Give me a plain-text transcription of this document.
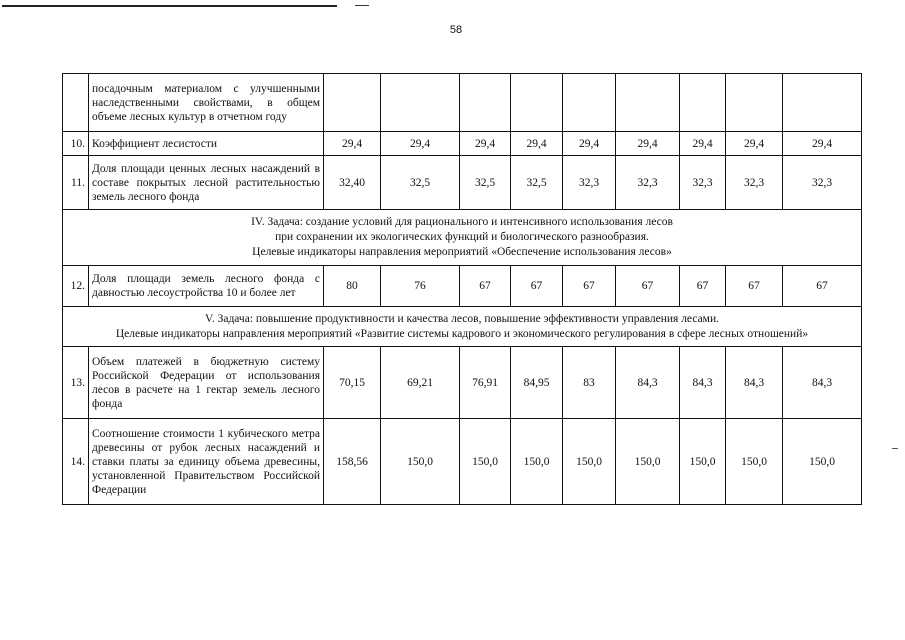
58
	посадочным материалом с улучшенными наследственными свойствами, в общем объеме лесных культур в отчетном году									
10.	Коэффициент лесистости	29,4	29,4	29,4	29,4	29,4	29,4	29,4	29,4	29,4
11.	Доля площади ценных лесных насаждений в составе покрытых лесной растительностью земель лесного фонда	32,40	32,5	32,5	32,5	32,3	32,3	32,3	32,3	32,3

IV. Задача: создание условий для рационального и интенсивного использования лесов
при сохранении их экологических функций и биологического разнообразия.
Целевые индикаторы направления мероприятий «Обеспечение использования лесов»										

12.	Доля площади земель лесного фонда с давностью лесоустройства 10 и более лет	80	76	67	67	67	67	67	67	67

V. Задача: повышение продуктивности и качества лесов, повышение эффективности управления лесами.
Целевые индикаторы направления мероприятий «Развитие системы кадрового и экономического регулирования в сфере лесных отношений»										

13.	Объем платежей в бюджетную систему Российской Федерации от использования лесов в расчете на 1 гектар земель лесного фонда	70,15	69,21	76,91	84,95	83	84,3	84,3	84,3	84,3
14.	Соотношение стоимости 1 кубического метра древесины от рубок лесных насаждений и ставки платы за единицу объема древесины, установленной Правительством Российской Федерации	158,56	150,0	150,0	150,0	150,0	150,0	150,0	150,0	150,0
